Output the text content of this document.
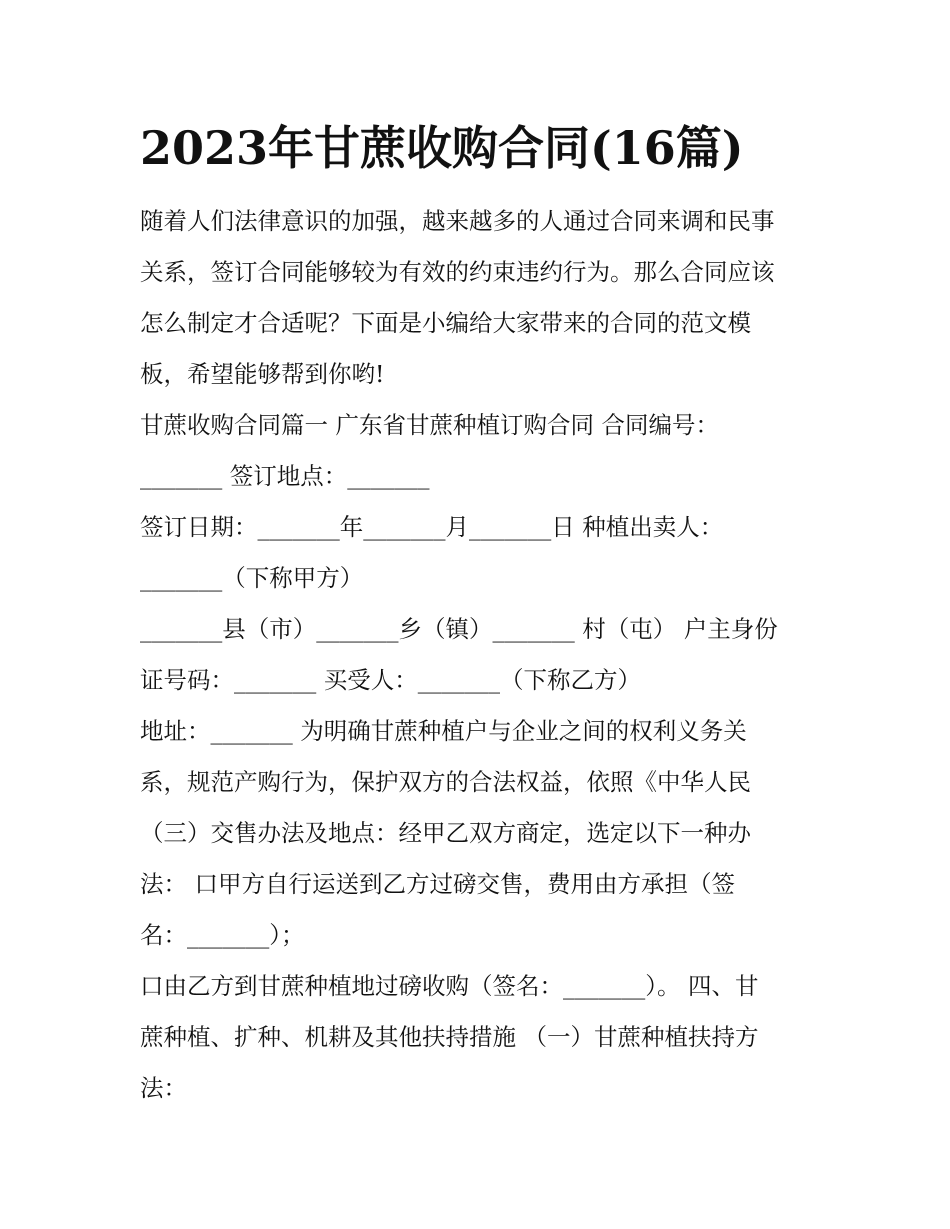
2023年甘蔗收购合同(16篇)
随着人们法律意识的加强，越来越多的人通过合同来调和民事
关系，签订合同能够较为有效的约束违约行为。那么合同应该
怎么制定才合适呢？下面是小编给大家带来的合同的范文模
板，希望能够帮到你哟!
甘蔗收购合同篇一 广东省甘蔗种植订购合同 合同编号：
_______ 签订地点：_______
签订日期：_______年_______月_______日 种植出卖人：
_______（下称甲方）
_______县（市）_______乡（镇）_______ 村（屯） 户主身份
证号码：_______ 买受人：_______（下称乙方）
地址：_______ 为明确甘蔗种植户与企业之间的权利义务关
系，规范产购行为，保护双方的合法权益，依照《中华人民
（三）交售办法及地点：经甲乙双方商定，选定以下一种办
法： 口甲方自行运送到乙方过磅交售，费用由方承担（签
名：_______）；
口由乙方到甘蔗种植地过磅收购（签名：_______）。 四、甘
蔗种植、扩种、机耕及其他扶持措施 （一）甘蔗种植扶持方
法：
